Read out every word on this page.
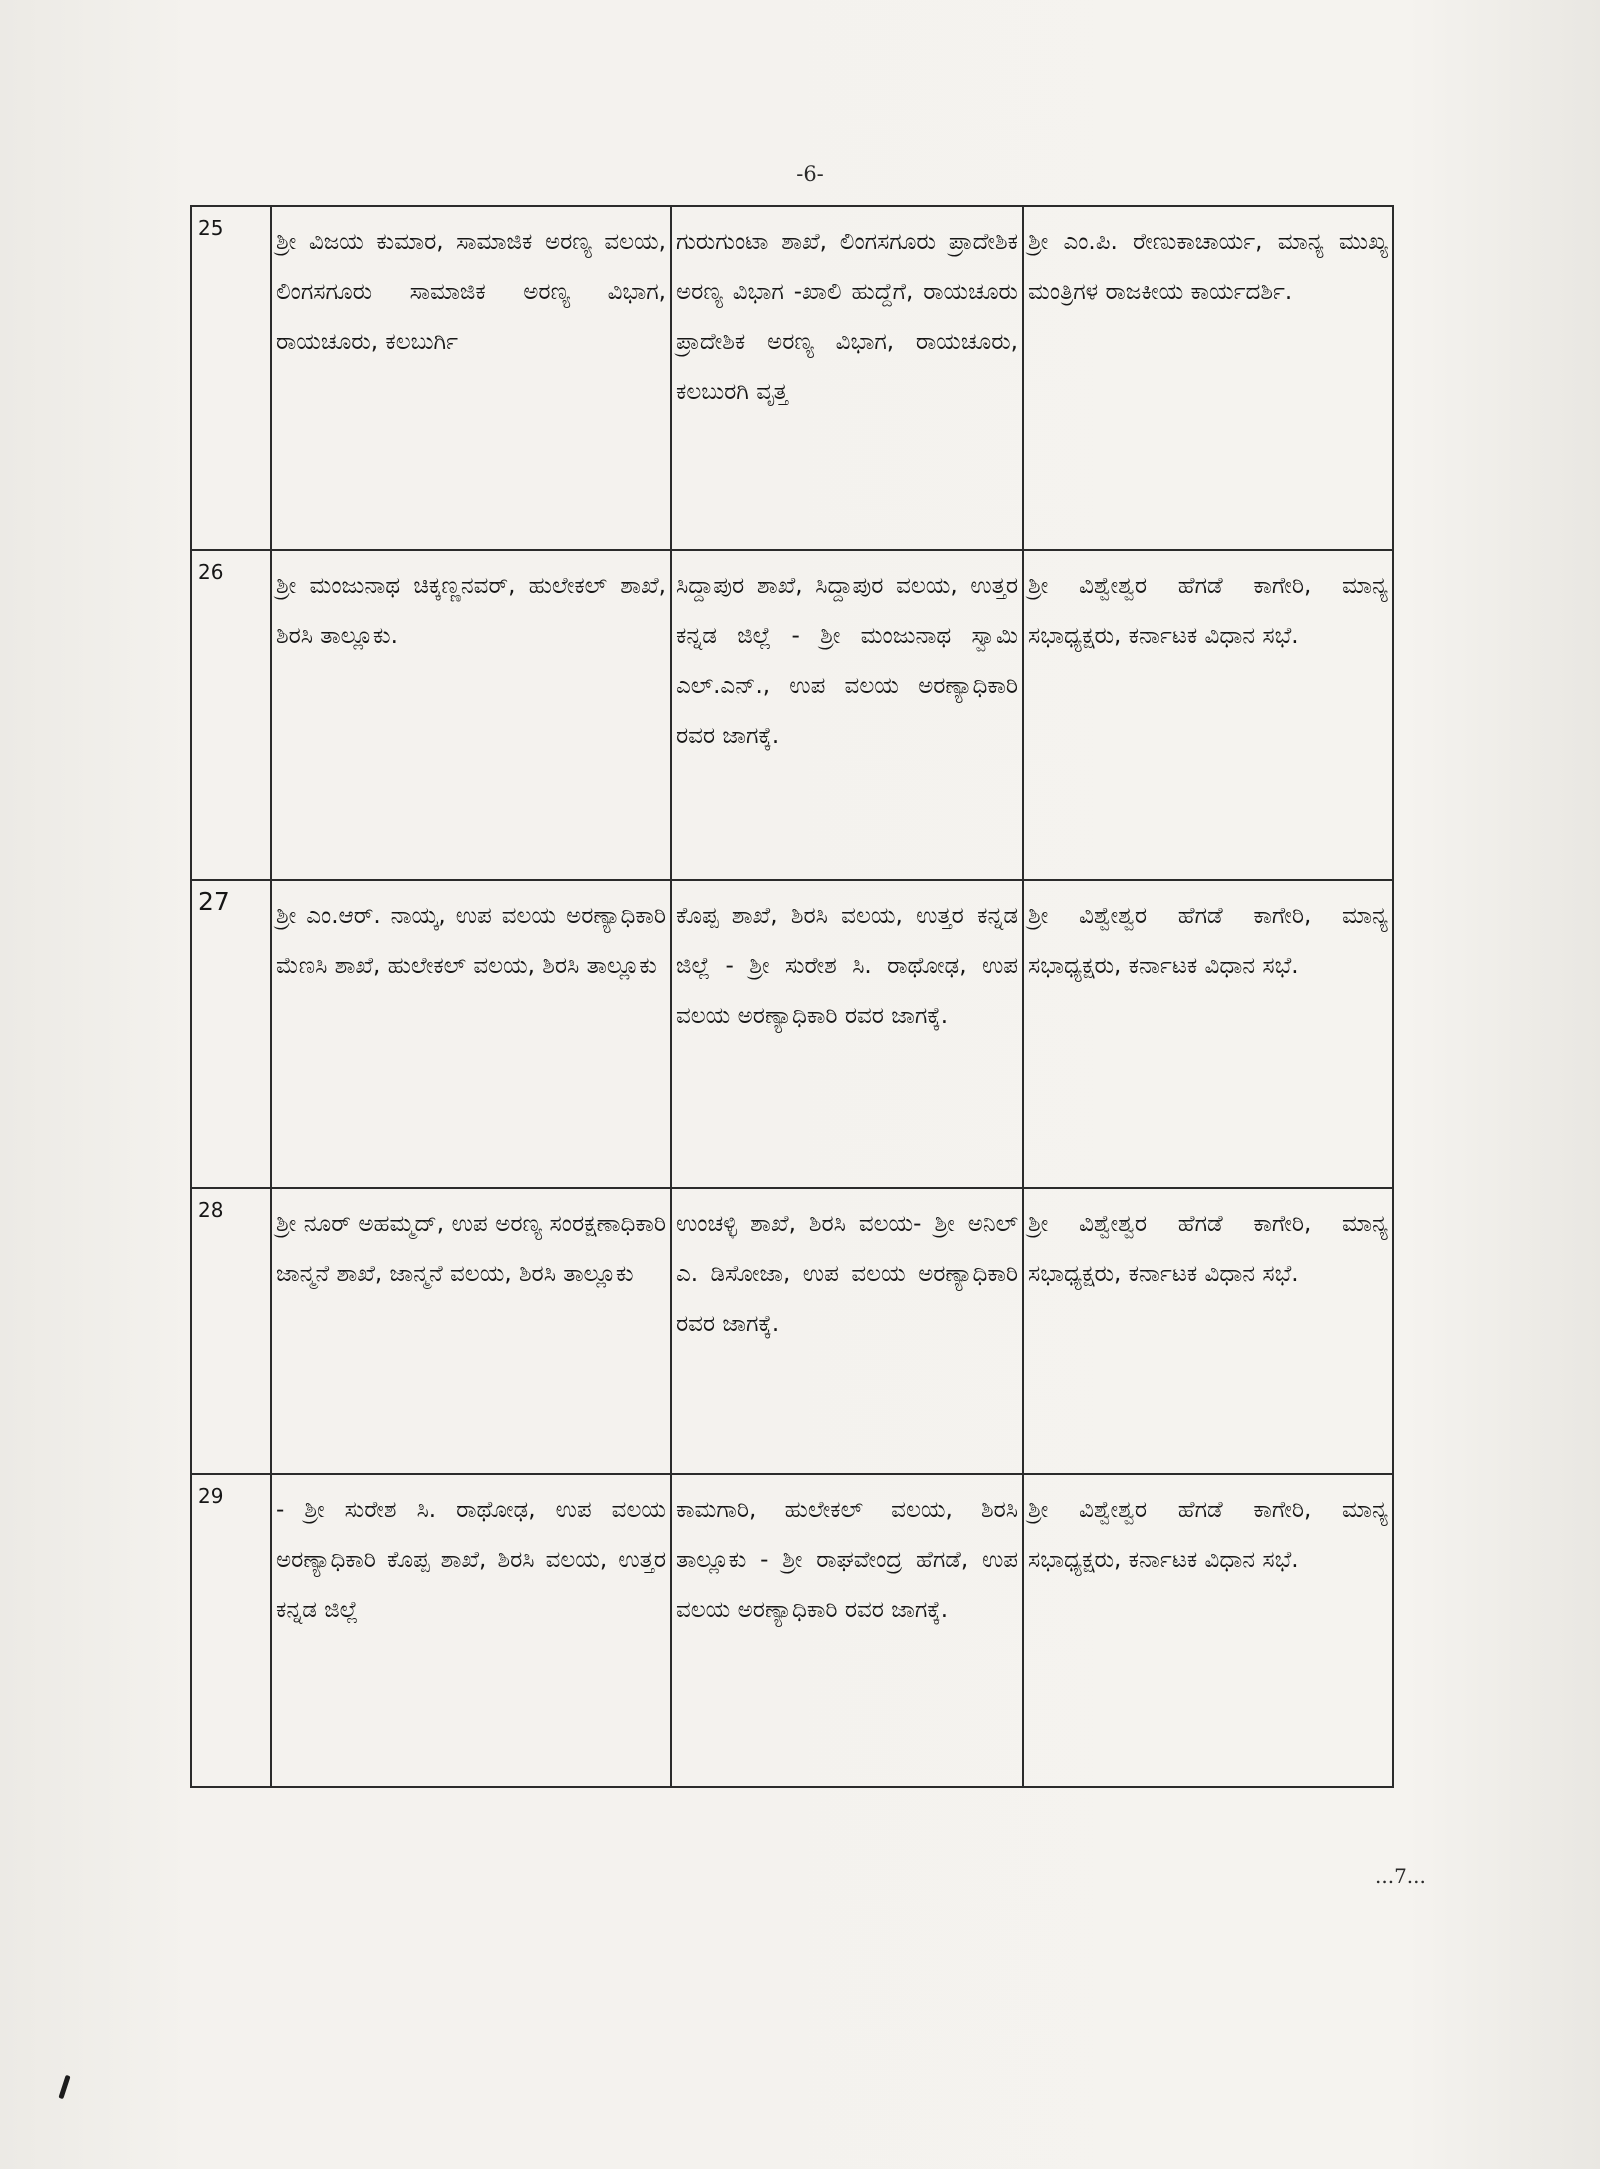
-6-
25	ಶ್ರೀ ವಿಜಯ ಕುಮಾರ, ಸಾಮಾಜಿಕ ಅರಣ್ಯ ವಲಯ, ಲಿಂಗಸಗೂರು ಸಾಮಾಜಿಕ ಅರಣ್ಯ ವಿಭಾಗ, ರಾಯಚೂರು, ಕಲಬುರ್ಗಿ	ಗುರುಗುಂಟಾ ಶಾಖೆ, ಲಿಂಗಸಗೂರು ಪ್ರಾದೇಶಿಕ ಅರಣ್ಯ ವಿಭಾಗ -ಖಾಲಿ ಹುದ್ದೆಗೆ, ರಾಯಚೂರು ಪ್ರಾದೇಶಿಕ ಅರಣ್ಯ ವಿಭಾಗ, ರಾಯಚೂರು, ಕಲಬುರಗಿ ವೃತ್ತ	ಶ್ರೀ ಎಂ.ಪಿ. ರೇಣುಕಾಚಾರ್ಯ, ಮಾನ್ಯ ಮುಖ್ಯ ಮಂತ್ರಿಗಳ ರಾಜಕೀಯ ಕಾರ್ಯದರ್ಶಿ.
26	ಶ್ರೀ ಮಂಜುನಾಥ ಚಿಕ್ಕಣ್ಣನವರ್, ಹುಲೇಕಲ್ ಶಾಖೆ, ಶಿರಸಿ ತಾಲ್ಲೂಕು.	ಸಿದ್ದಾಪುರ ಶಾಖೆ, ಸಿದ್ದಾಪುರ ವಲಯ, ಉತ್ತರ ಕನ್ನಡ ಜಿಲ್ಲೆ - ಶ್ರೀ ಮಂಜುನಾಥ ಸ್ವಾಮಿ ಎಲ್.ಎನ್., ಉಪ ವಲಯ ಅರಣ್ಯಾಧಿಕಾರಿ ರವರ ಜಾಗಕ್ಕೆ.	ಶ್ರೀ ವಿಶ್ವೇಶ್ವರ ಹೆಗಡೆ ಕಾಗೇರಿ, ಮಾನ್ಯ ಸಭಾಧ್ಯಕ್ಷರು, ಕರ್ನಾಟಕ ವಿಧಾನ ಸಭೆ.
27	ಶ್ರೀ ಎಂ.ಆರ್. ನಾಯ್ಕ, ಉಪ ವಲಯ ಅರಣ್ಯಾಧಿಕಾರಿ ಮೆಣಸಿ ಶಾಖೆ, ಹುಲೇಕಲ್ ವಲಯ, ಶಿರಸಿ ತಾಲ್ಲೂಕು	ಕೊಪ್ಪ ಶಾಖೆ, ಶಿರಸಿ ವಲಯ, ಉತ್ತರ ಕನ್ನಡ ಜಿಲ್ಲೆ - ಶ್ರೀ ಸುರೇಶ ಸಿ. ರಾಥೋಢ, ಉಪ ವಲಯ ಅರಣ್ಯಾಧಿಕಾರಿ ರವರ ಜಾಗಕ್ಕೆ.	ಶ್ರೀ ವಿಶ್ವೇಶ್ವರ ಹೆಗಡೆ ಕಾಗೇರಿ, ಮಾನ್ಯ ಸಭಾಧ್ಯಕ್ಷರು, ಕರ್ನಾಟಕ ವಿಧಾನ ಸಭೆ.
28	ಶ್ರೀ ನೂರ್ ಅಹಮ್ಮದ್, ಉಪ ಅರಣ್ಯ ಸಂರಕ್ಷಣಾಧಿಕಾರಿ ಜಾನ್ಮನೆ ಶಾಖೆ, ಜಾನ್ಮನೆ ವಲಯ, ಶಿರಸಿ ತಾಲ್ಲೂಕು	ಉಂಚಳ್ಳಿ ಶಾಖೆ, ಶಿರಸಿ ವಲಯ- ಶ್ರೀ ಅನಿಲ್ ಎ. ಡಿಸೋಜಾ, ಉಪ ವಲಯ ಅರಣ್ಯಾಧಿಕಾರಿ ರವರ ಜಾಗಕ್ಕೆ.	ಶ್ರೀ ವಿಶ್ವೇಶ್ವರ ಹೆಗಡೆ ಕಾಗೇರಿ, ಮಾನ್ಯ ಸಭಾಧ್ಯಕ್ಷರು, ಕರ್ನಾಟಕ ವಿಧಾನ ಸಭೆ.
29	- ಶ್ರೀ ಸುರೇಶ ಸಿ. ರಾಥೋಢ, ಉಪ ವಲಯ ಅರಣ್ಯಾಧಿಕಾರಿ ಕೊಪ್ಪ ಶಾಖೆ, ಶಿರಸಿ ವಲಯ, ಉತ್ತರ ಕನ್ನಡ ಜಿಲ್ಲೆ	ಕಾಮಗಾರಿ, ಹುಲೇಕಲ್ ವಲಯ, ಶಿರಸಿ ತಾಲ್ಲೂಕು - ಶ್ರೀ ರಾಘವೇಂದ್ರ ಹೆಗಡೆ, ಉಪ ವಲಯ ಅರಣ್ಯಾಧಿಕಾರಿ ರವರ ಜಾಗಕ್ಕೆ.	ಶ್ರೀ ವಿಶ್ವೇಶ್ವರ ಹೆಗಡೆ ಕಾಗೇರಿ, ಮಾನ್ಯ ಸಭಾಧ್ಯಕ್ಷರು, ಕರ್ನಾಟಕ ವಿಧಾನ ಸಭೆ.
...7...
